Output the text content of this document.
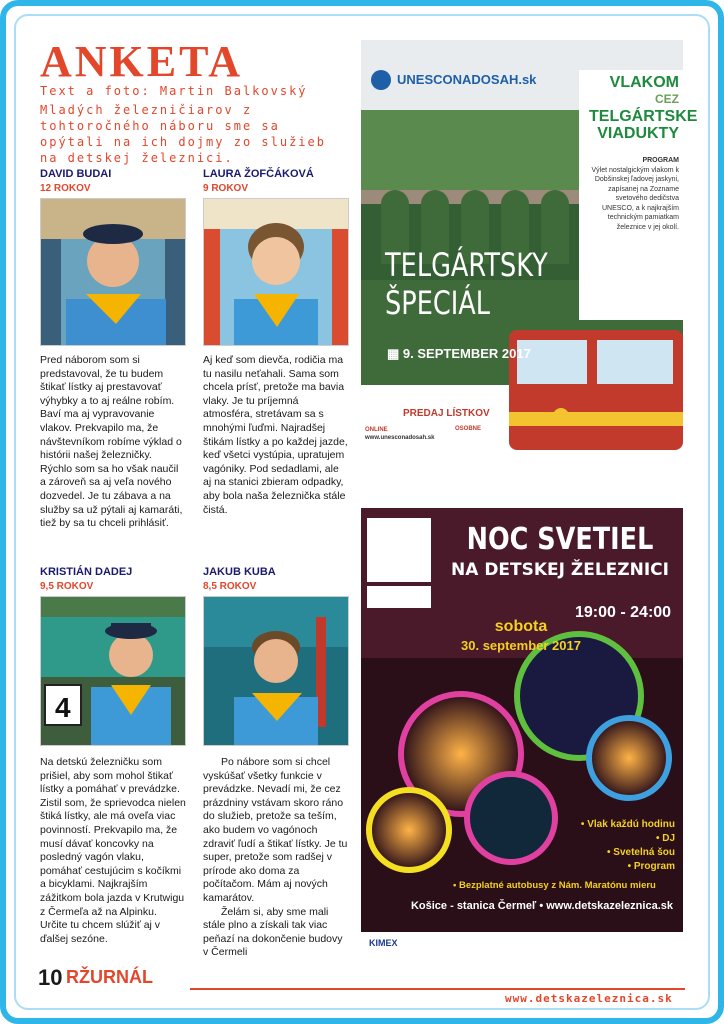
ANKETA
Text a foto: Martin Balkovský
Mladých železničiarov z tohtoročného náboru sme sa opýtali na ich dojmy zo služieb na detskej železnici.
DAVID BUDAI
12 ROKOV
Pred náborom som si predstavoval, že tu budem štikať lístky aj prestavovať výhybky a to aj reálne robím. Baví ma aj vypravovanie vlakov. Prekvapilo ma, že návštevníkom robíme výklad o histórii našej železničky. Rýchlo som sa ho však naučil a zároveň sa aj veľa nového dozvedel. Je tu zábava a na služby sa už pýtali aj kamaráti, tiež by sa tu chceli prihlásiť.
LAURA ŽOFČÁKOVÁ
9 ROKOV
Aj keď som dievča, rodičia ma tu nasilu neťahali. Sama som chcela prísť, pretože ma bavia vlaky. Je tu príjemná atmosféra, stretávam sa s mnohými ľuďmi. Najradšej štikám lístky a po každej jazde, keď všetci vystúpia, upratujem vagóniky. Pod sedadlami, ale aj na stanici zbieram odpadky, aby bola naša železnička stále čistá.
KRISTIÁN DADEJ
9,5 ROKOV
4
Na detskú železničku som prišiel, aby som mohol štikať lístky a pomáhať v prevádzke. Zistil som, že sprievodca nielen štiká lístky, ale má oveľa viac povinností. Prekvapilo ma, že musí dávať koncovky na posledný vagón vlaku, pomáhať cestujúcim s kočíkmi a bicyklami. Najkrajším zážitkom bola jazda v Krutwigu z Čermeľa až na Alpinku. Určite tu chcem slúžiť aj v ďalšej sezóne.
JAKUB KUBA
8,5 ROKOV

Po nábore som si chcel vyskúšať všetky funkcie v prevádzke. Nevadí mi, že cez prázdniny vstávam skoro ráno do služieb, pretože sa teším, ako budem vo vagónoch zdraviť ľudí a štikať lístky. Je tu super, pretože som radšej v prírode ako doma za počítačom. Mám aj nových kamarátov.

Želám si, aby sme mali stále plno a získali tak viac peňazí na dokončenie budovy v Čermeli

UNESCONADOSAH.sk	VLAKOM
CEZ
TELGÁRTSKE
VIADUKTY
PROGRAM
Výlet nostalgickým vlakom k Dobšinskej ľadovej jaskyni, zapísanej na Zozname svetového dedičstva UNESCO, a k najkrajším technickým pamiatkam železnice v jej okolí.
TELGÁRTSKY
ŠPECIÁL
▦ 9. SEPTEMBER 2017
PREDAJ LÍSTKOV
ONLINE
www.unesconadosah.sk
OSOBNE
NOC SVETIEL
NA DETSKEJ ŽELEZNICI
sobota
30. september 2017
19:00 - 24:00
• Vlak každú hodinu
• DJ
• Svetelná šou
• Program
• Bezplatné autobusy z Nám. Maratónu mieru
Košice - stanica Čermeľ • www.detskazeleznica.sk
KIMEX
10 RŽURNÁL
www.detskazeleznica.sk
